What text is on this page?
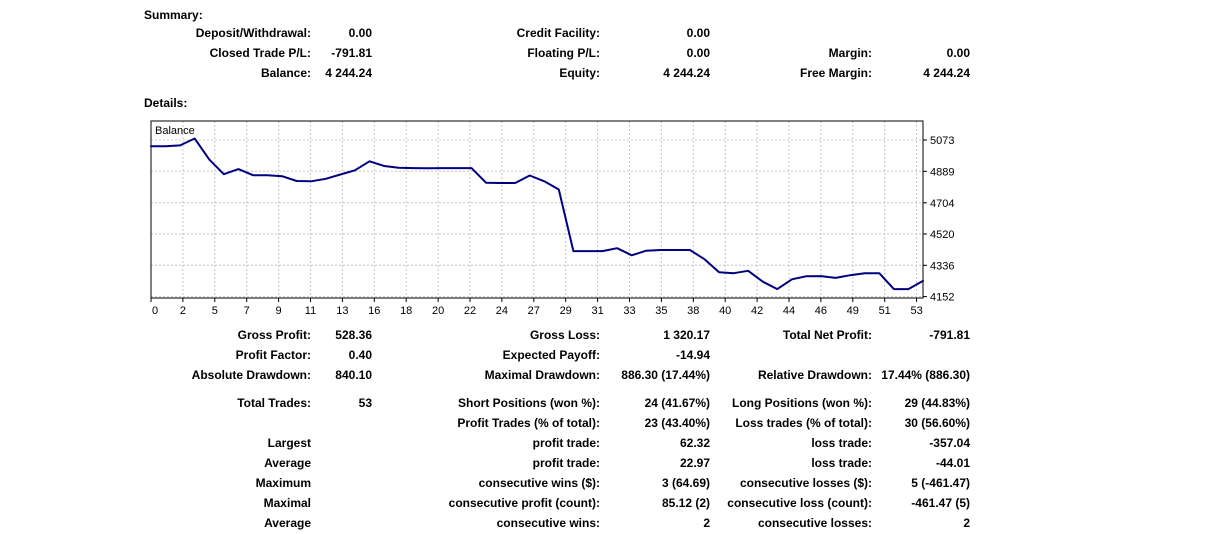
Summary:
Deposit/Withdrawal:	0.00	Credit Facility:	0.00
Closed Trade P/L:	-791.81	Floating P/L:	0.00	Margin:	0.00
Balance:	4 244.24	Equity:	4 244.24	Free Margin:	4 244.24
Details:
0 2 5 7 9 11 13 16 18 20 22 24 27 29 31 33 35 38 40 42 44 46 49 51 53
5073
4889
4704
4520
4336
4152
Balance
Gross Profit:	528.36	Gross Loss:	1 320.17	Total Net Profit:	-791.81
Profit Factor:	0.40	Expected Payoff:	-14.94
Absolute Drawdown:	840.10	Maximal Drawdown:	886.30 (17.44%)	Relative Drawdown: 17.44% (886.30)
Total Trades:	53	Short Positions (won %):	24 (41.67%)	Long Positions (won %):	29 (44.83%)
Profit Trades (% of total):	23 (43.40%)	Loss trades (% of total):	30 (56.60%)
Largest	profit trade:	62.32	loss trade:	-357.04
Average	profit trade:	22.97	loss trade:	-44.01
Maximum	consecutive wins ($):	3 (64.69)	consecutive losses ($):	5 (-461.47)
Maximal	consecutive profit (count):	85.12 (2)	consecutive loss (count):	-461.47 (5)
Average	consecutive wins:	2	consecutive losses:	2
